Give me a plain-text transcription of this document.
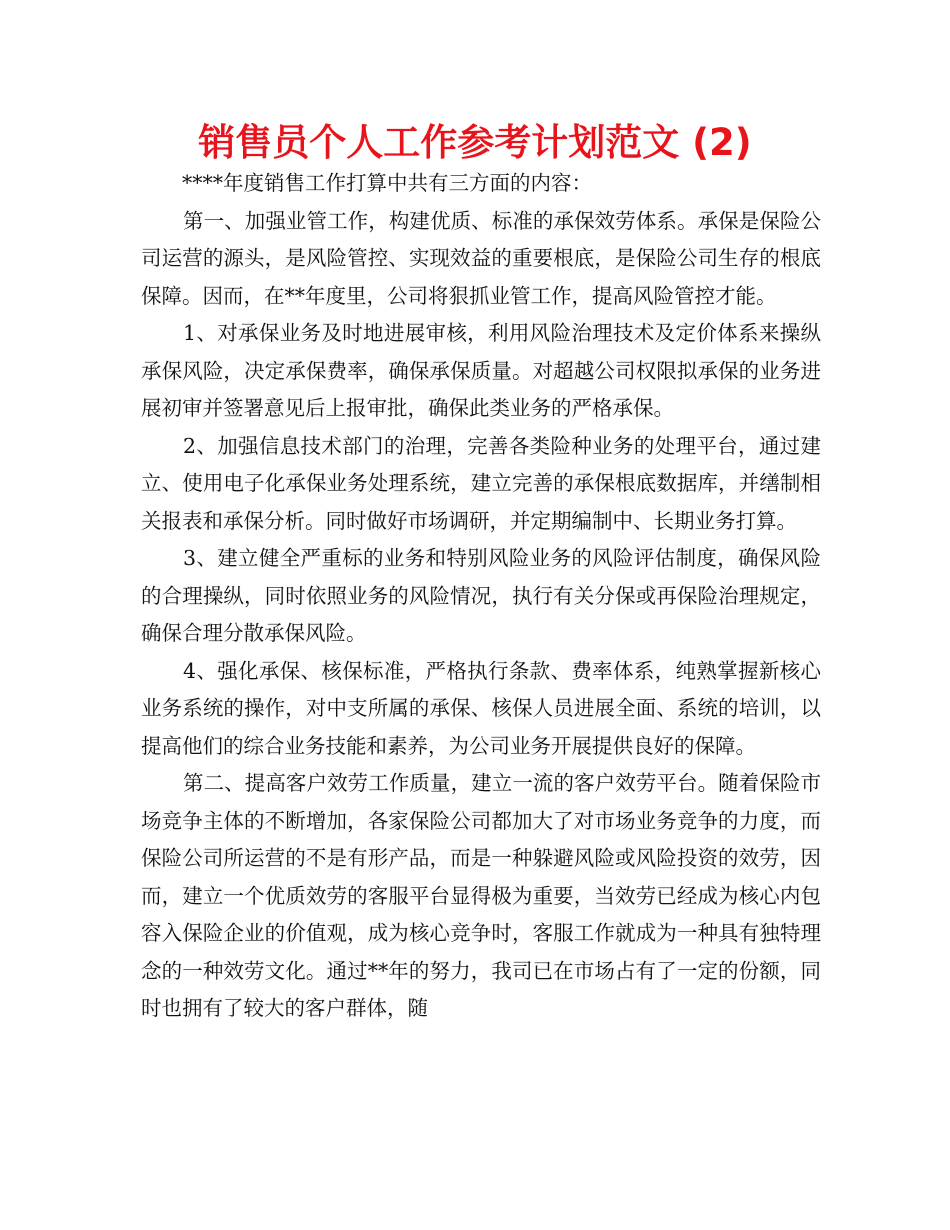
销售员个人工作参考计划范文 (2)

****年度销售工作打算中共有三方面的内容：

第一、加强业管工作，构建优质、标准的承保效劳体系。承保是保险公司运营的源头，是风险管控、实现效益的重要根底，是保险公司生存的根底保障。因而，在**年度里，公司将狠抓业管工作，提高风险管控才能。

1、对承保业务及时地进展审核，利用风险治理技术及定价体系来操纵承保风险，决定承保费率，确保承保质量。对超越公司权限拟承保的业务进展初审并签署意见后上报审批，确保此类业务的严格承保。

2、加强信息技术部门的治理，完善各类险种业务的处理平台，通过建立、使用电子化承保业务处理系统，建立完善的承保根底数据库，并缮制相关报表和承保分析。同时做好市场调研，并定期编制中、长期业务打算。

3、建立健全严重标的业务和特别风险业务的风险评估制度，确保风险的合理操纵，同时依照业务的风险情况，执行有关分保或再保险治理规定，确保合理分散承保风险。

4、强化承保、核保标准，严格执行条款、费率体系，纯熟掌握新核心业务系统的操作，对中支所属的承保、核保人员进展全面、系统的培训，以提高他们的综合业务技能和素养，为公司业务开展提供良好的保障。

第二、提高客户效劳工作质量，建立一流的客户效劳平台。随着保险市场竞争主体的不断增加，各家保险公司都加大了对市场业务竞争的力度，而保险公司所运营的不是有形产品，而是一种躲避风险或风险投资的效劳，因而，建立一个优质效劳的客服平台显得极为重要，当效劳已经成为核心内包容入保险企业的价值观，成为核心竞争时，客服工作就成为一种具有独特理念的一种效劳文化。通过**年的努力，我司已在市场占有了一定的份额，同时也拥有了较大的客户群体，随
